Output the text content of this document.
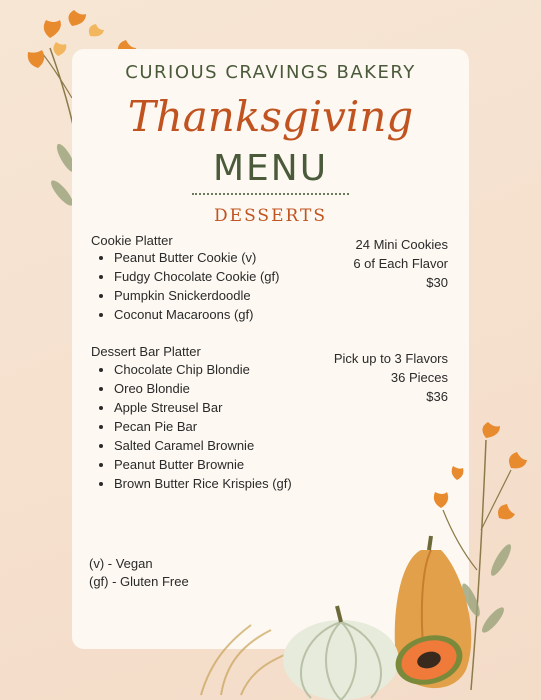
CURIOUS CRAVINGS BAKERY
Thanksgiving
MENU
DESSERTS
Cookie Platter
• Peanut Butter Cookie (v)
• Fudgy Chocolate Cookie (gf)
• Pumpkin Snickerdoodle
• Coconut Macaroons (gf)
24 Mini Cookies
6 of Each Flavor
$30
Dessert Bar Platter
• Chocolate Chip Blondie
• Oreo Blondie
• Apple Streusel Bar
• Pecan Pie Bar
• Salted Caramel Brownie
• Peanut Butter Brownie
• Brown Butter Rice Krispies (gf)
Pick up to 3 Flavors
36 Pieces
$36
(v) - Vegan
(gf) - Gluten Free
